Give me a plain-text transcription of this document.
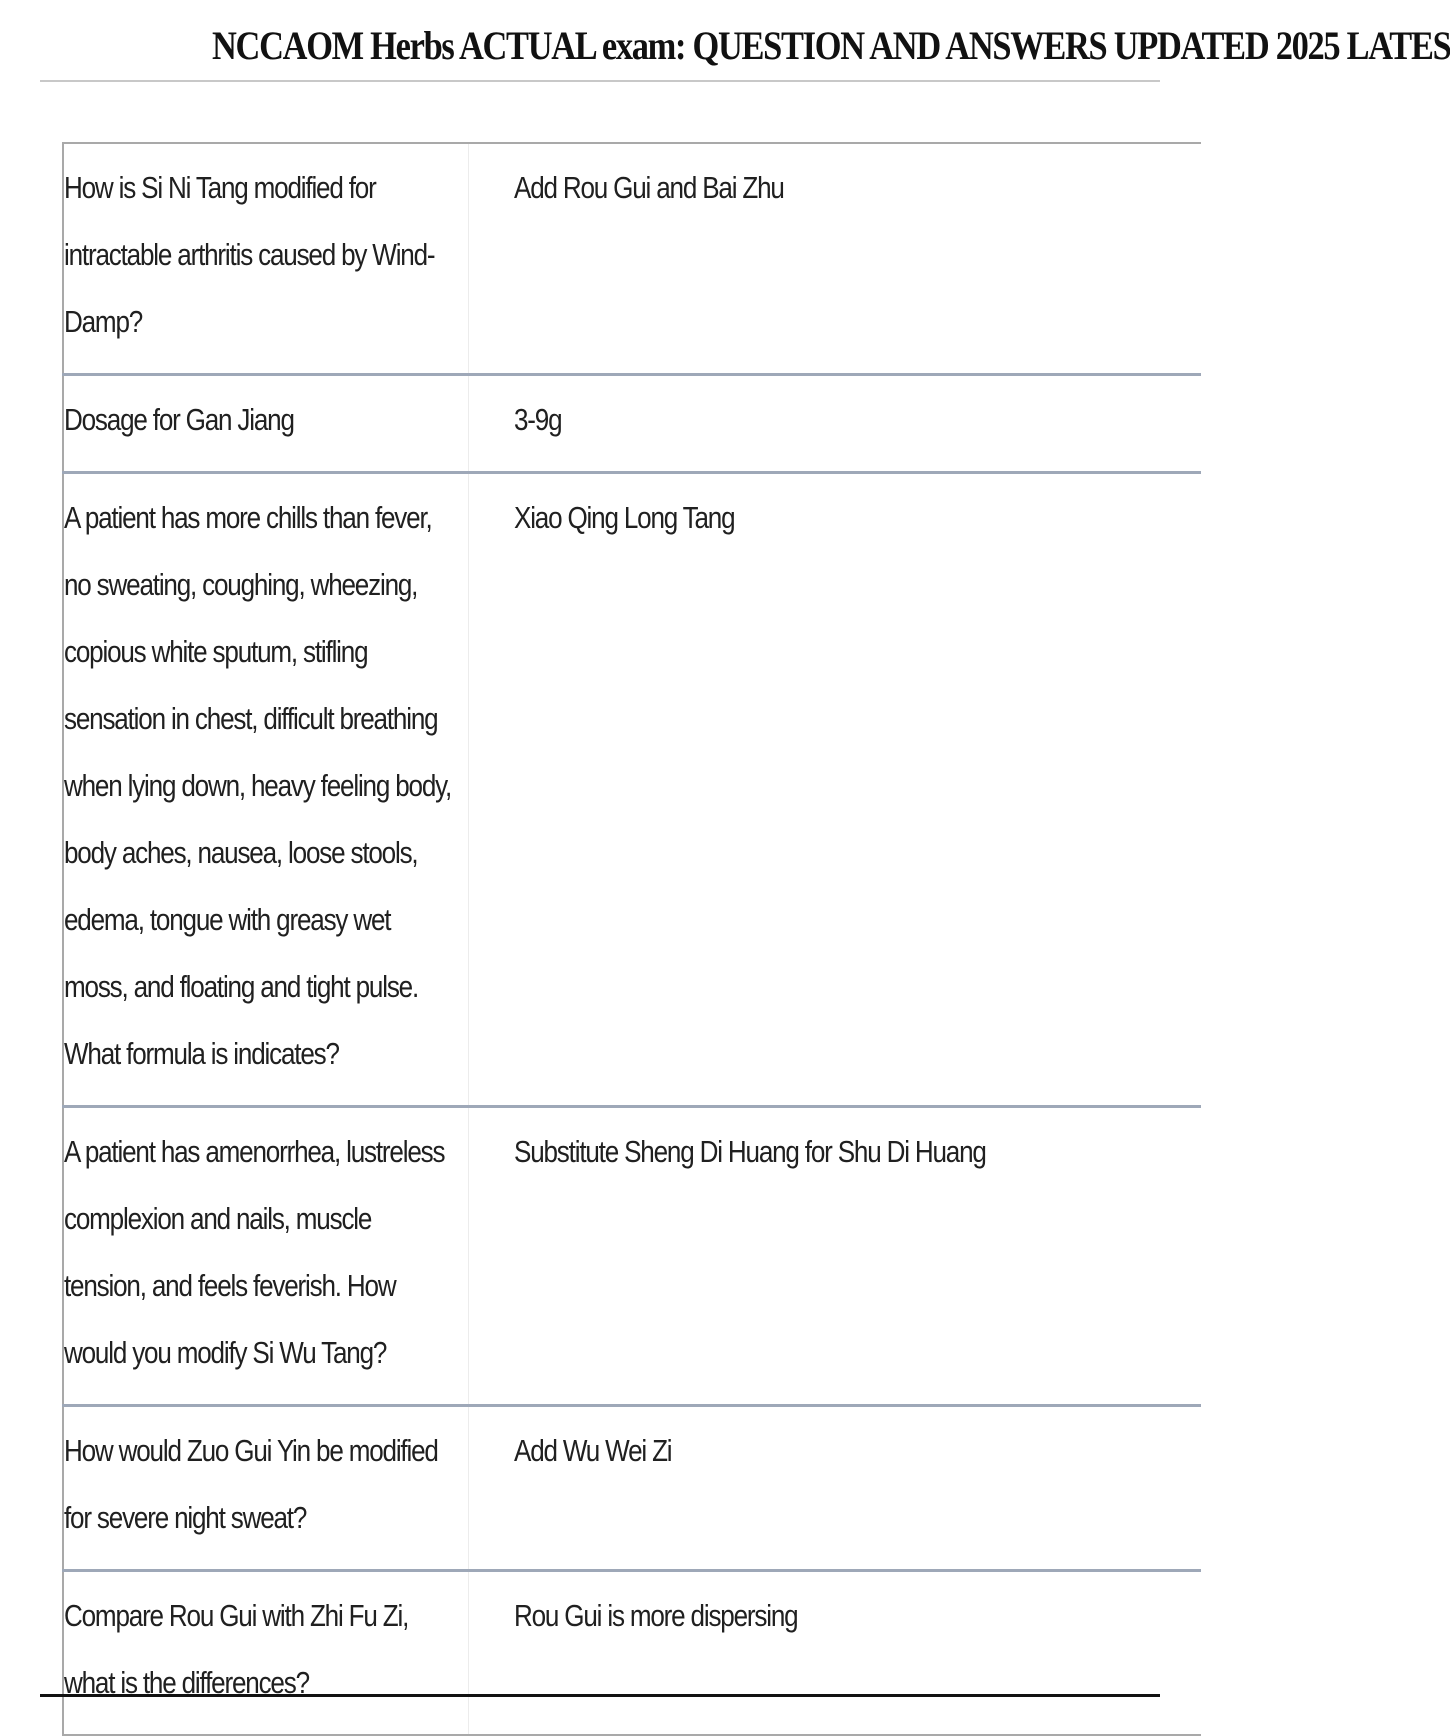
NCCAOM Herbs ACTUAL exam: QUESTION AND ANSWERS UPDATED 2025 LATES
How is Si Ni Tang modified for intractable arthritis caused by Wind-Damp?	Add Rou Gui and Bai Zhu

Dosage for Gan Jiang	3-9g

A patient has more chills than fever, no sweating, coughing, wheezing, copious white sputum, stifling sensation in chest, difficult breathing when lying down, heavy feeling body, body aches, nausea, loose stools, edema, tongue with greasy wet moss, and floating and tight pulse. What formula is indicates?	Xiao Qing Long Tang

A patient has amenorrhea, lustreless complexion and nails, muscle tension, and feels feverish. How would you modify Si Wu Tang?	Substitute Sheng Di Huang for Shu Di Huang

How would Zuo Gui Yin be modified for severe night sweat?	Add Wu Wei Zi

Compare Rou Gui with Zhi Fu Zi, what is the differences?	Rou Gui is more dispersing
